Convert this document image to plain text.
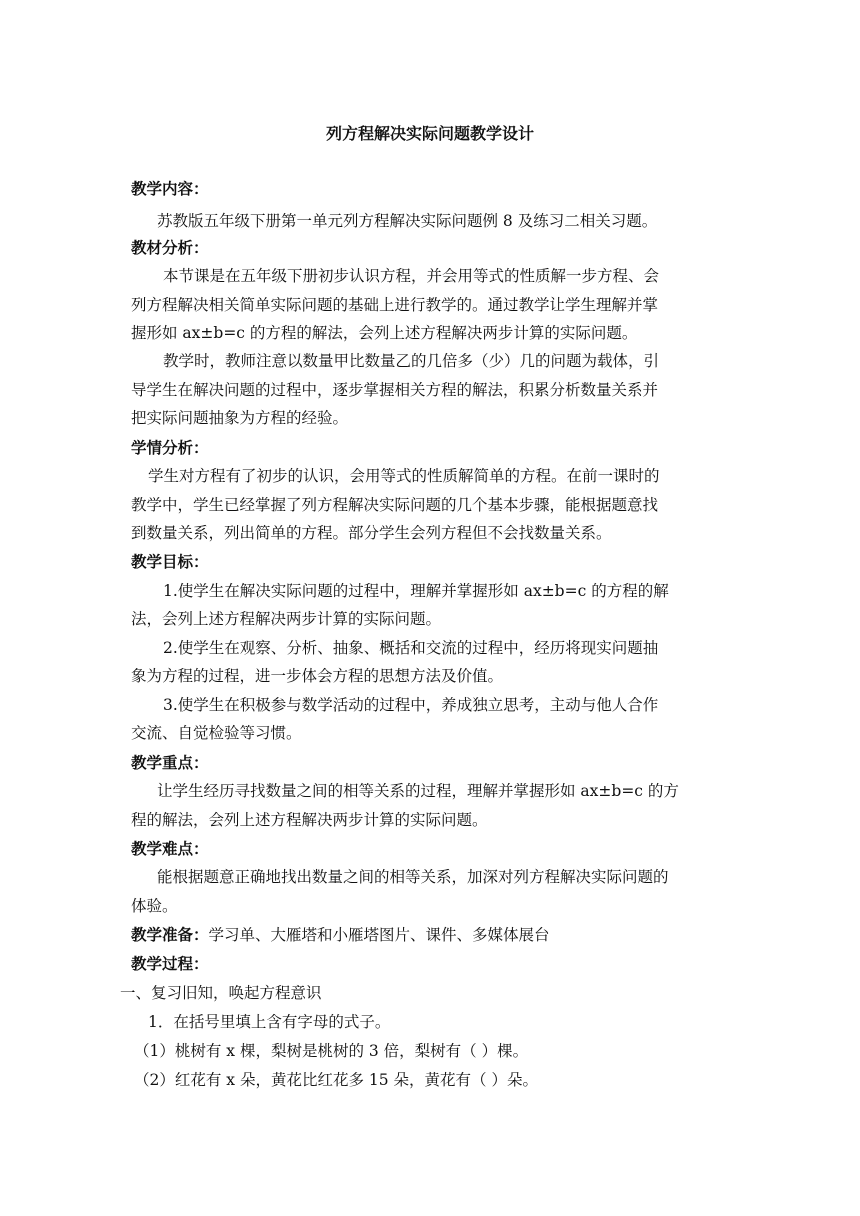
列方程解决实际问题教学设计
教学内容：
苏教版五年级下册第一单元列方程解决实际问题例 8 及练习二相关习题。
教材分析：
本节课是在五年级下册初步认识方程，并会用等式的性质解一步方程、会
列方程解决相关简单实际问题的基础上进行教学的。通过教学让学生理解并掌
握形如 ax±b=c 的方程的解法，会列上述方程解决两步计算的实际问题。
教学时，教师注意以数量甲比数量乙的几倍多（少）几的问题为载体，引
导学生在解决问题的过程中，逐步掌握相关方程的解法，积累分析数量关系并
把实际问题抽象为方程的经验。
学情分析：
学生对方程有了初步的认识，会用等式的性质解简单的方程。在前一课时的
教学中，学生已经掌握了列方程解决实际问题的几个基本步骤，能根据题意找
到数量关系，列出简单的方程。部分学生会列方程但不会找数量关系。
教学目标：
1.使学生在解决实际问题的过程中，理解并掌握形如 ax±b=c 的方程的解
法，会列上述方程解决两步计算的实际问题。
2.使学生在观察、分析、抽象、概括和交流的过程中，经历将现实问题抽
象为方程的过程，进一步体会方程的思想方法及价值。
3.使学生在积极参与数学活动的过程中，养成独立思考，主动与他人合作
交流、自觉检验等习惯。
教学重点：
让学生经历寻找数量之间的相等关系的过程，理解并掌握形如 ax±b=c 的方
程的解法，会列上述方程解决两步计算的实际问题。
教学难点：
能根据题意正确地找出数量之间的相等关系，加深对列方程解决实际问题的
体验。
教学准备：学习单、大雁塔和小雁塔图片、课件、多媒体展台
教学过程：
一、复习旧知，唤起方程意识
1．在括号里填上含有字母的式子。
（1）桃树有 x 棵，梨树是桃树的 3 倍，梨树有（ ）棵。
（2）红花有 x 朵，黄花比红花多 15 朵，黄花有（ ）朵。
